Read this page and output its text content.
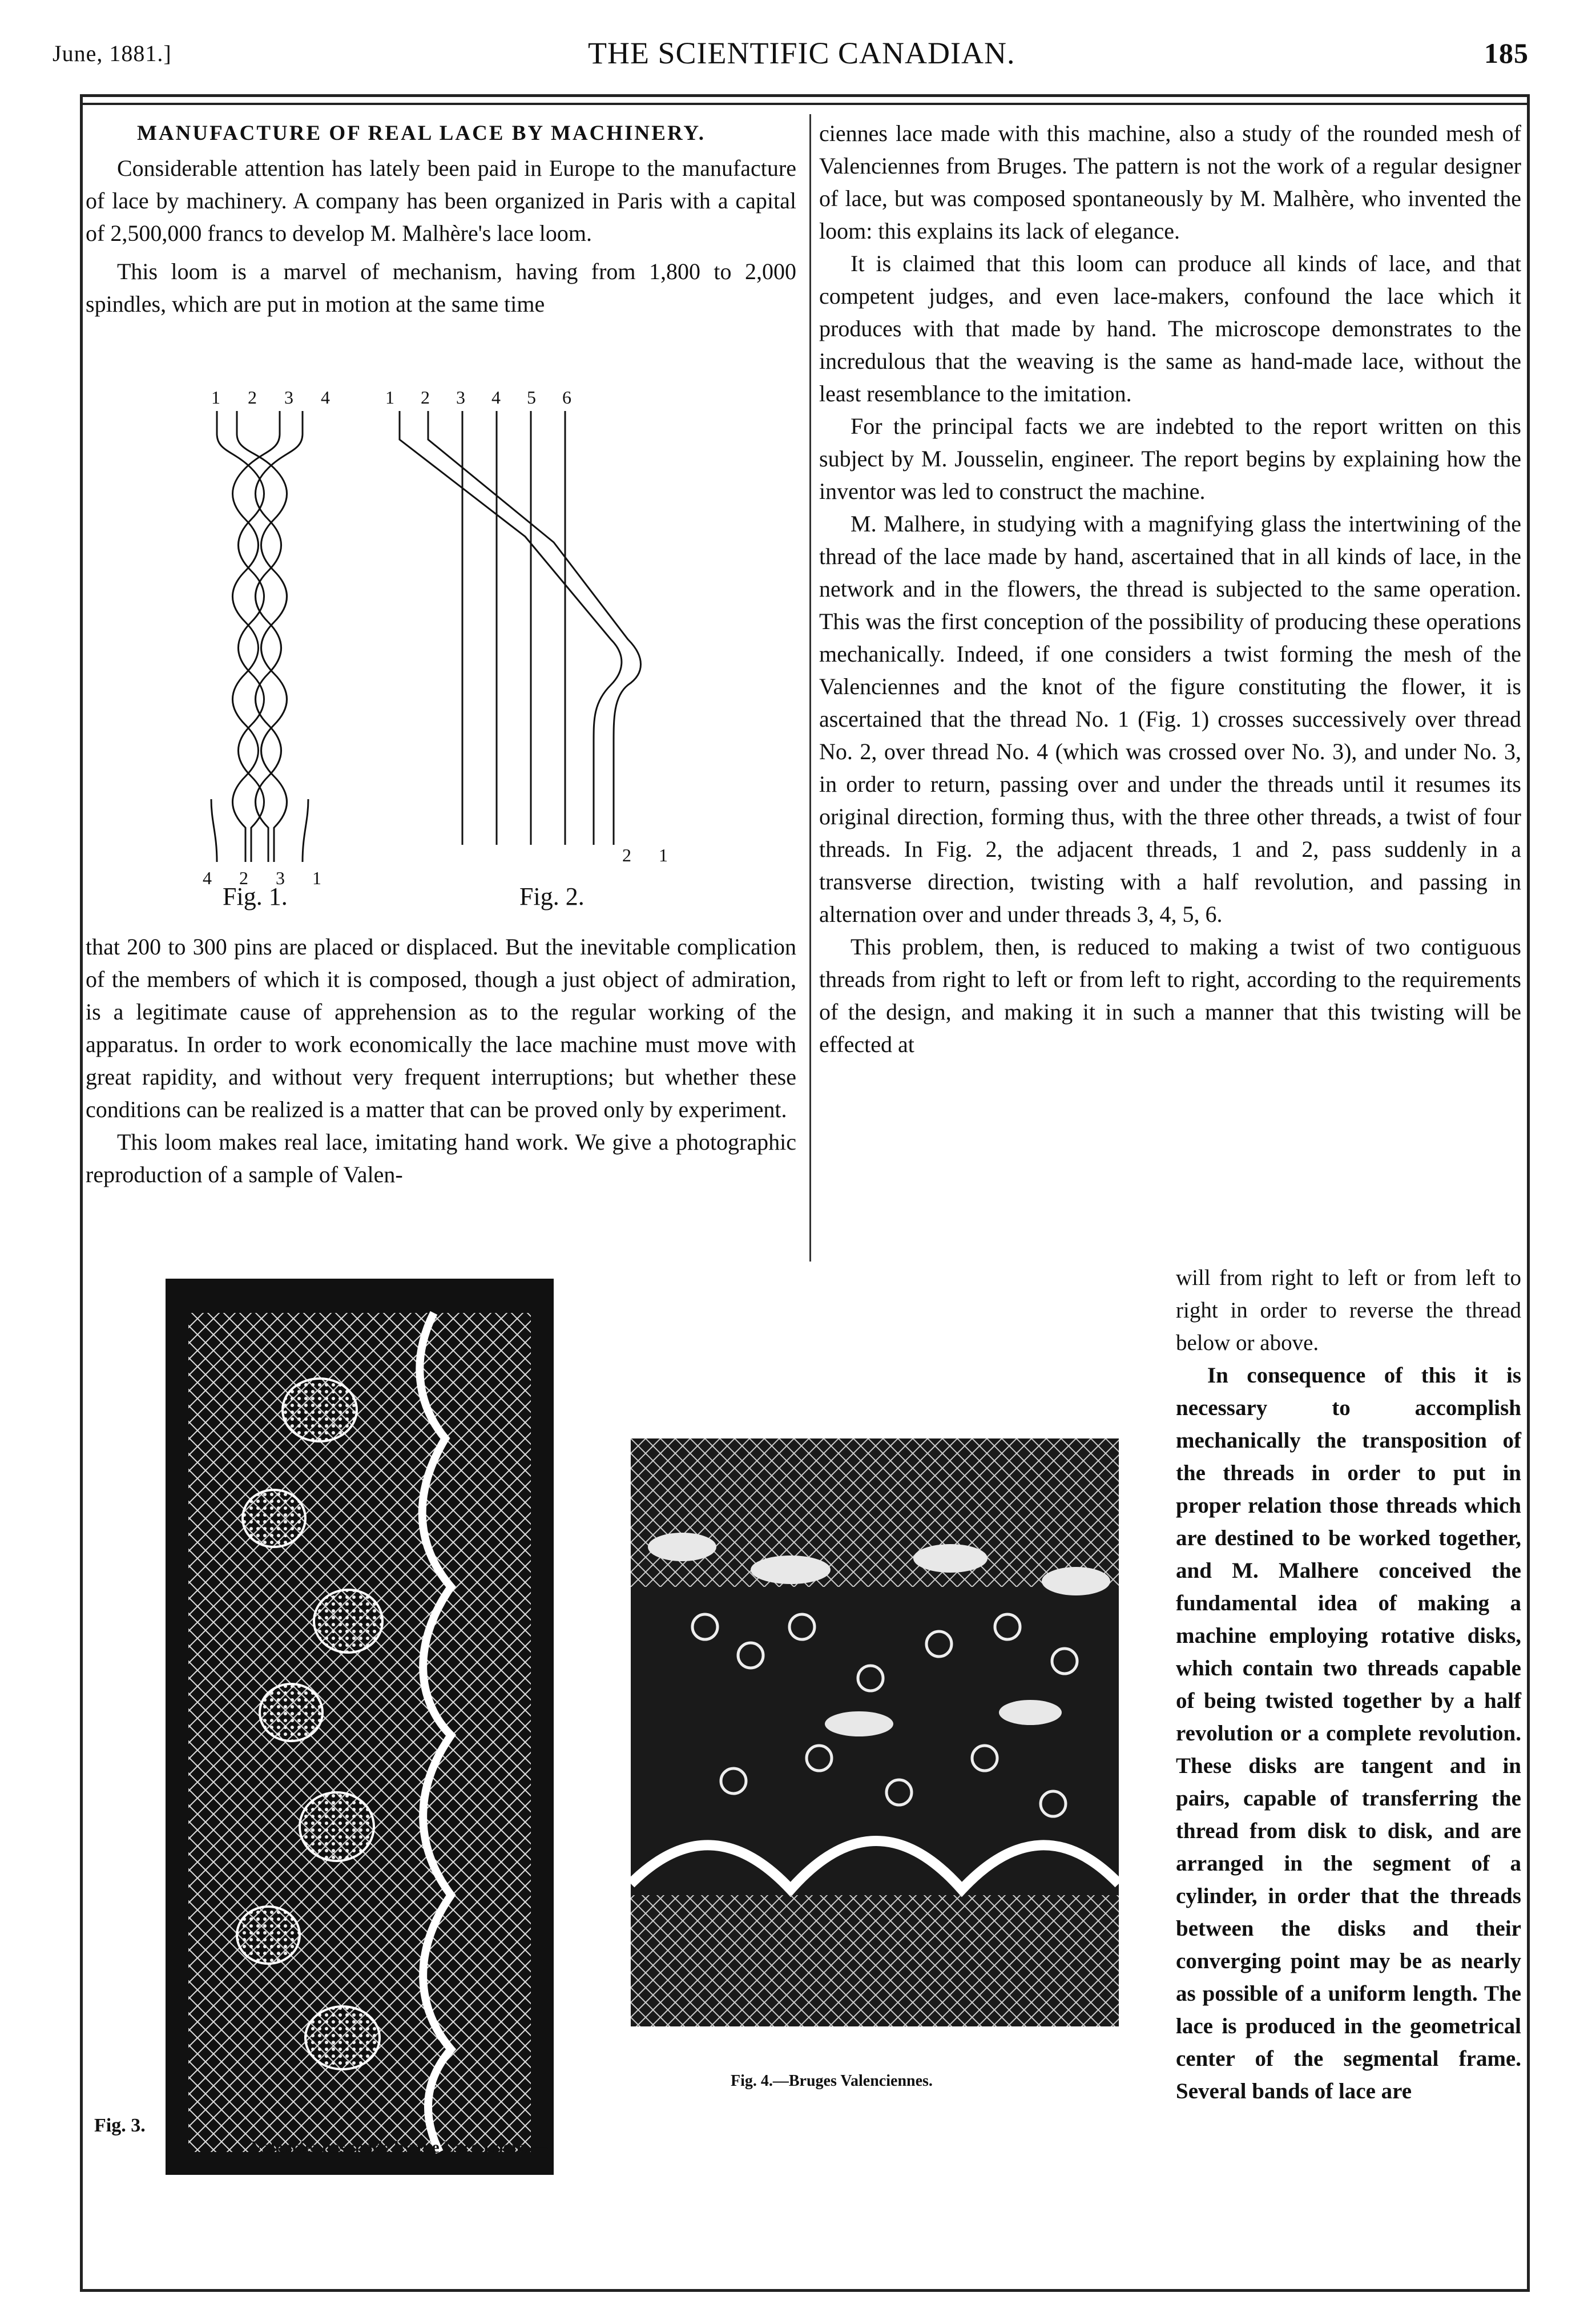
June, 1881.]	THE SCIENTIFIC CANADIAN.	185
MANUFACTURE OF REAL LACE BY MACHINERY.

Considerable attention has lately been paid in Europe to the manufacture of lace by machinery. A company has been organized in Paris with a capital of 2,500,000 francs to develop M. Malhère's lace loom.

This loom is a marvel of mechanism, having from 1,800 to 2,000 spindles, which are put in motion at the same time

1 2 3 4	1 2 3 4 5 6
4 2 3 1
2 1
Fig. 1.	Fig. 2.

that 200 to 300 pins are placed or displaced. But the inevitable complication of the members of which it is composed, though a just object of admiration, is a legitimate cause of apprehension as to the regular working of the apparatus. In order to work economically the lace machine must move with great rapidity, and without very frequent interruptions; but whether these conditions can be realized is a matter that can be proved only by experiment.

This loom makes real lace, imitating hand work. We give a photographic reproduction of a sample of Valen-

ciennes lace made with this machine, also a study of the rounded mesh of Valenciennes from Bruges. The pattern is not the work of a regular designer of lace, but was composed spontaneously by M. Malhère, who invented the loom: this explains its lack of elegance.

It is claimed that this loom can produce all kinds of lace, and that competent judges, and even lace-makers, confound the lace which it produces with that made by hand. The microscope demonstrates to the incredulous that the weaving is the same as hand-made lace, without the least resemblance to the imitation.

For the principal facts we are indebted to the report written on this subject by M. Jousselin, engineer. The report begins by explaining how the inventor was led to construct the machine.

M. Malhere, in studying with a magnifying glass the intertwining of the thread of the lace made by hand, ascertained that in all kinds of lace, in the network and in the flowers, the thread is subjected to the same operation. This was the first conception of the possibility of producing these operations mechanically. Indeed, if one considers a twist forming the mesh of the Valenciennes and the knot of the figure constituting the flower, it is ascertained that the thread No. 1 (Fig. 1) crosses successively over thread No. 2, over thread No. 4 (which was crossed over No. 3), and under No. 3, in order to return, passing over and under the threads until it resumes its original direction, forming thus, with the three other threads, a twist of four threads. In Fig. 2, the adjacent threads, 1 and 2, pass suddenly in a transverse direction, twisting with a half revolution, and passing in alternation over and under threads 3, 4, 5, 6.

This problem, then, is reduced to making a twist of two contiguous threads from right to left or from left to right, according to the requirements of the design, and making it in such a manner that this twisting will be effected at

will from right to left or from left to right in order to reverse the thread below or above.

In consequence of this it is necessary to accomplish mechanically the transposition of the threads in order to put in proper relation those threads which are destined to be worked together, and M. Malhere conceived the fundamental idea of making a machine employing rotative disks, which contain two threads capable of being twisted together by a half revolution or a complete revolution. These disks are tangent and in pairs, capable of transferring the thread from disk to disk, and are arranged in the segment of a cylinder, in order that the threads between the disks and their converging point may be as nearly as possible of a uniform length. The lace is produced in the geometrical center of the segmental frame. Several bands of lace are

Fig. 3.
Valenciennes made by the Lace Loom.—
Fig. 4.—Bruges Valenciennes.
